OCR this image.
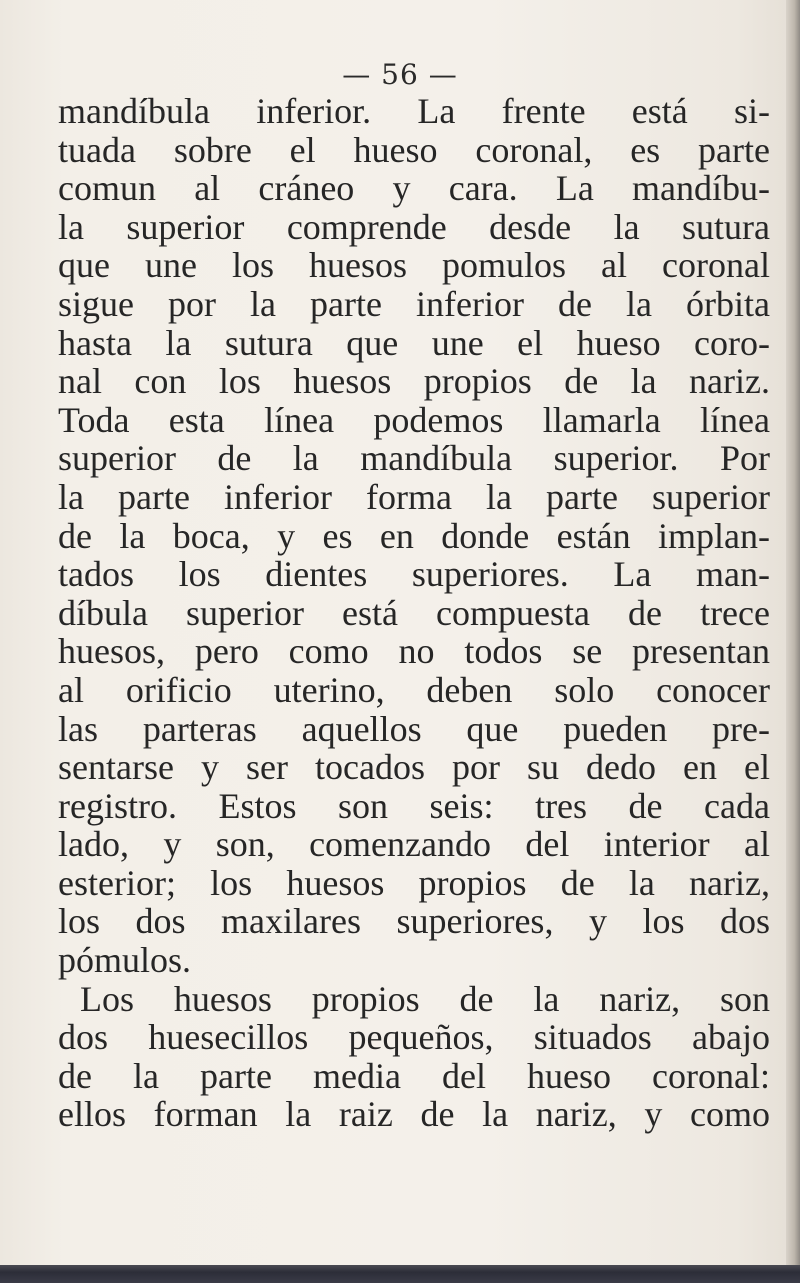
— 56 —
mandíbula inferior. La frente está si-
tuada sobre el hueso coronal, es parte
comun al cráneo y cara. La mandíbu-
la superior comprende desde la sutura
que une los huesos pomulos al coronal
sigue por la parte inferior de la órbita
hasta la sutura que une el hueso coro-
nal con los huesos propios de la nariz.
Toda esta línea podemos llamarla línea
superior de la mandíbula superior. Por
la parte inferior forma la parte superior
de la boca, y es en donde están implan-
tados los dientes superiores. La man-
díbula superior está compuesta de trece
huesos, pero como no todos se presentan
al orificio uterino, deben solo conocer
las parteras aquellos que pueden pre-
sentarse y ser tocados por su dedo en el
registro. Estos son seis: tres de cada
lado, y son, comenzando del interior al
esterior; los huesos propios de la nariz,
los dos maxilares superiores, y los dos
pómulos.
Los huesos propios de la nariz, son
dos huesecillos pequeños, situados abajo
de la parte media del hueso coronal:
ellos forman la raiz de la nariz, y como
